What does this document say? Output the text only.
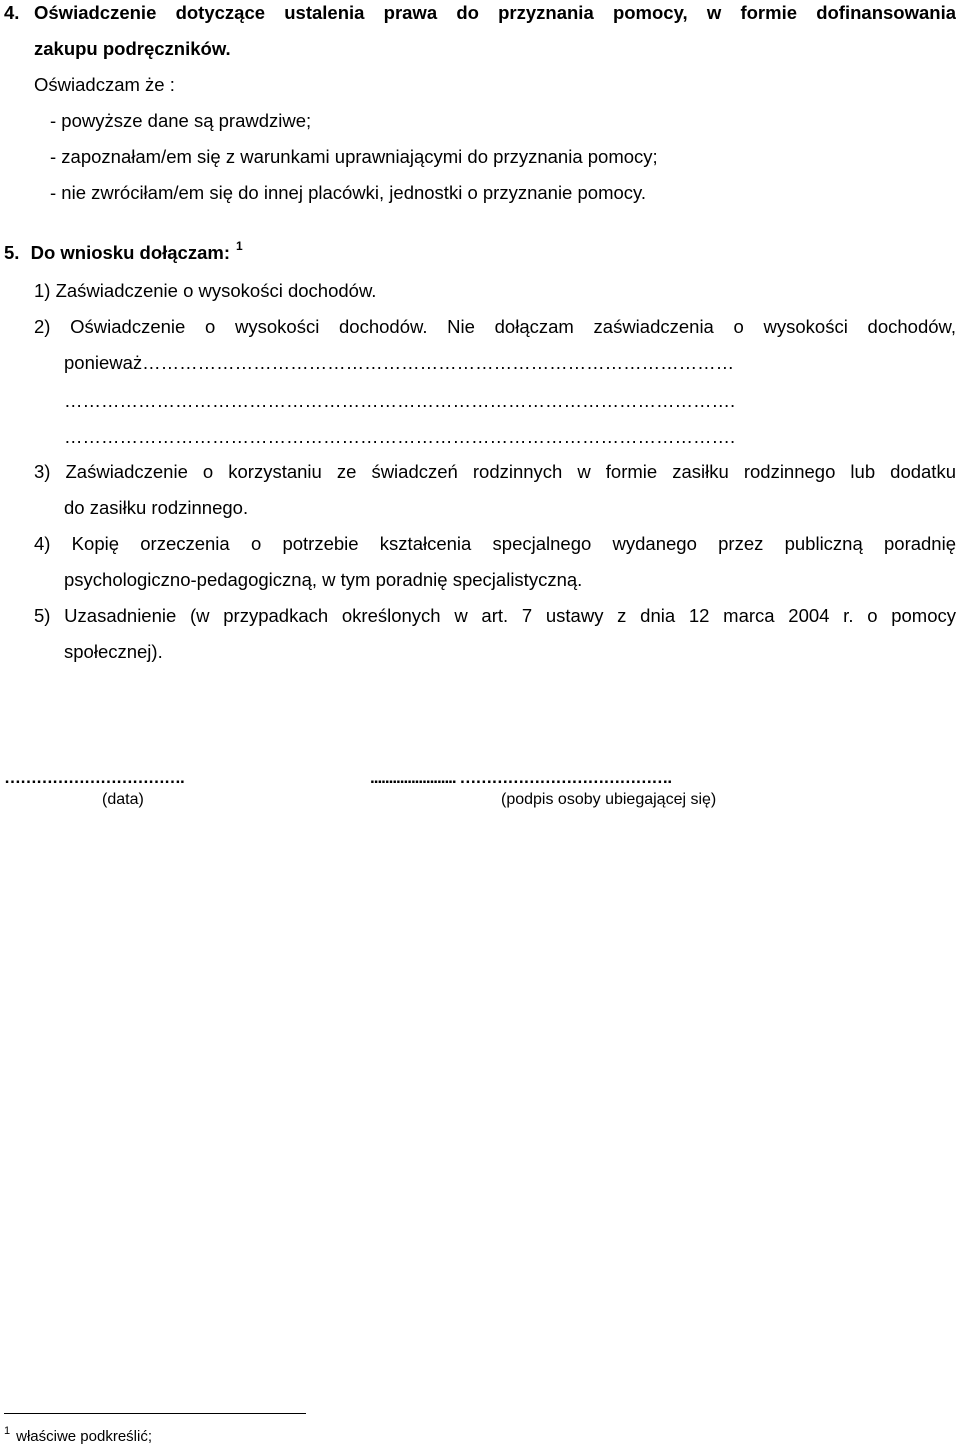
4. Oświadczenie dotyczące ustalenia prawa do przyznania pomocy, w formie dofinansowania
zakupu podręczników.
Oświadczam że :
- powyższe dane są prawdziwe;
- zapoznałam/em się z warunkami uprawniającymi do przyznania pomocy;
- nie zwróciłam/em się do innej placówki, jednostki o przyznanie pomocy.
5. Do wniosku dołączam: $^1$
1) Zaświadczenie o wysokości dochodów.
2) Oświadczenie o wysokości dochodów. Nie dołączam zaświadczenia o wysokości dochodów,
ponieważ……………………………………………………………………………………
……………………………………………………………………………………………….
……………………………………………………………………………………………….
3) Zaświadczenie o korzystaniu ze świadczeń rodzinnych w formie zasiłku rodzinnego lub dodatku
do zasiłku rodzinnego.
4) Kopię orzeczenia o potrzebie kształcenia specjalnego wydanego przez publiczną poradnię
psychologiczno-pedagogiczną, w tym poradnię specjalistyczną.
5) Uzasadnienie (w przypadkach określonych w art. 7 ustawy z dnia 12 marca 2004 r. o pomocy
społecznej).
…………………………….
(data)
....................... ………………………………….
(podpis osoby ubiegającej się)
$^1$ właściwe podkreślić;
